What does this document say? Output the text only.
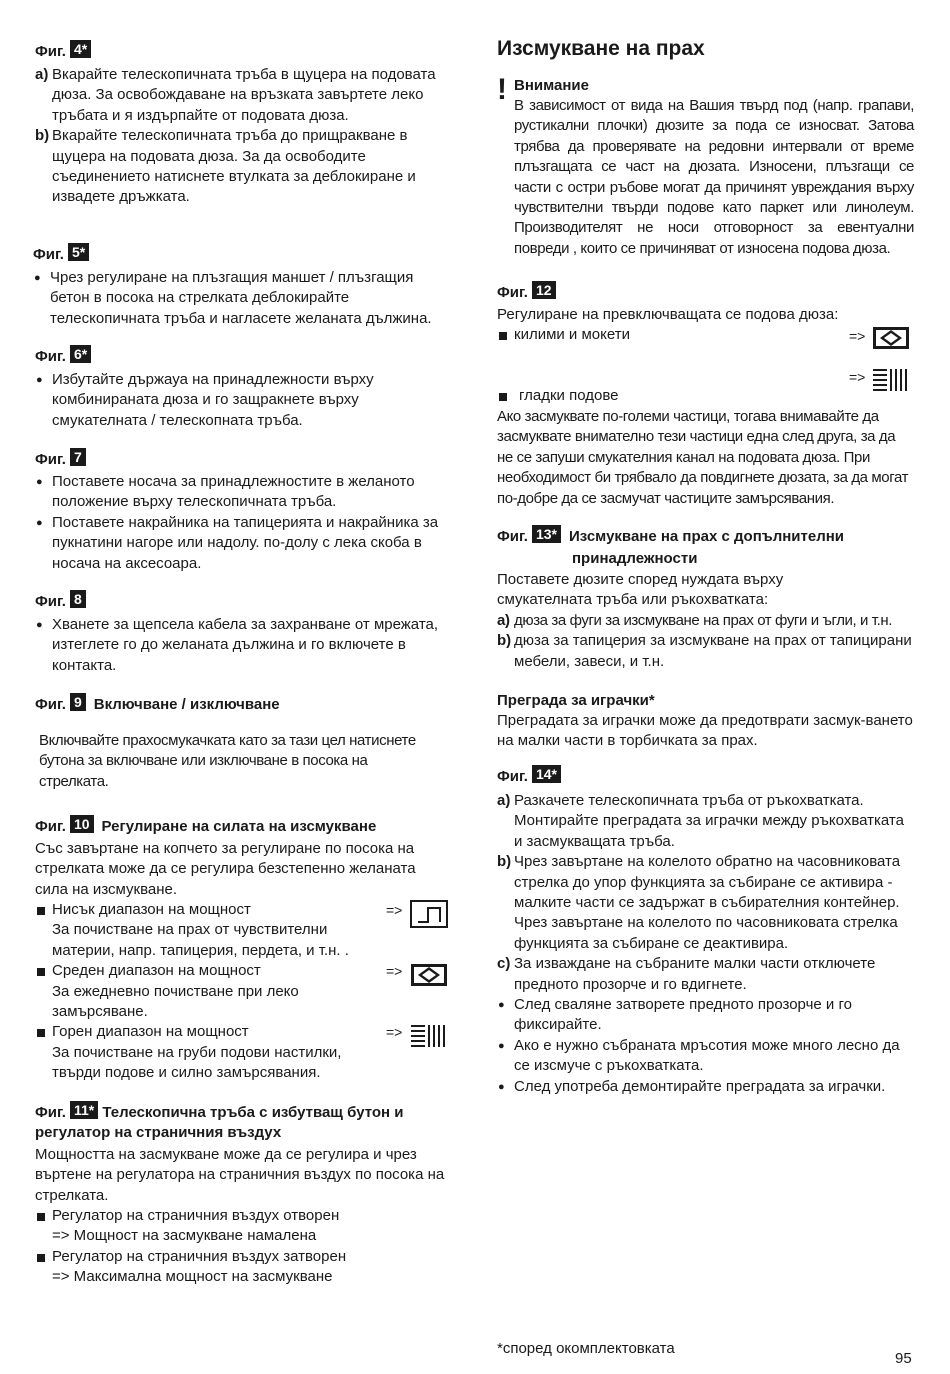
Фиг. 4*
a) Вкарайте телескопичната тръба в щуцера на подовата дюза. За освобождаване на връзката завъртете леко тръбата и я издърпайте от подовата дюза.
b) Вкарайте телескопичната тръба до прищракване в щуцера на подовата дюза. За да освободите съединението натиснете втулката за деблокиране и извадете дръжката.
Фиг. 5*
● Чрез регулиране на плъзгащия маншет / плъзгащия бетон в посока на стрелката деблокирайте телескопичната тръба и нагласете желаната дължина.
Фиг. 6*
● Избутайте държауа на принадлежности върху комбинираната дюза и го защракнете върху смукателната / телескопната тръба.
Фиг. 7
● Поставете носача за принадлежностите в желаното положение върху телескопичната тръба.
● Поставете накрайника на тапицерията и накрайника за пукнатини нагоре или надолу. по-долу с лека скоба в носача на аксесоара.
Фиг. 8
● Хванете за щепсела кабела за захранване от мрежата, изтеглете го до желаната дължина и го включете в контакта.
Фиг. 9 Включване / изключване
Включвайте прахосмукачката като за тази цел натиснете бутона за включване или изключване в посока на стрелката.
Фиг. 10 Регулиране на силата на изсмукване
Със завъртане на копчето за регулиране по посока на стрелката може да се регулира безстепенно желаната сила на изсмукване.
Нисък диапазон на мощност
За почистване на прах от чувствителни материи, напр. тапицерия, пердета, и т.н. .
Среден диапазон на мощност
За ежедневно почистване при леко замърсяване.
Горен диапазон на мощност
За почистване на груби подови настилки, твърди подове и силно замърсявания.
=>
=>
=>
Фиг. 11* Телескопична тръба с избутващ бутон и регулатор на страничния въздух
Мощността на засмукване може да се регулира и чрез въртене на регулатора на страничния въздух по посока на стрелката.
Регулатор на страничния въздух отворен
=> Мощност на засмукване намалена
Регулатор на страничния въздух затворен
=> Максимална мощност на засмукване
Изсмукване на прах
! Внимание
В зависимост от вида на Вашия твърд под (напр. грапави, рустикални плочки) дюзите за пода се износват. Затова трябва да проверявате на редовни интервали от време плъзгащата се част на дюзата. Износени, плъзгащи се части с остри ръбове могат да причинят увреждания върху чувствителни твърди подове като паркет или линолеум. Производителят не носи отговорност за евентуални повреди , които се причиняват от износена подова дюза.
Фиг. 12
Регулиране на превключващата се подова дюза:
килими и мокети	=>
гладки подове
=>
Ако засмуквате по-големи частици, тогава внимавайте да засмуквате внимателно тези частици една след друга, за да не се запуши смукателния канал на подовата дюза. При необходимост би трябвало да повдигнете дюзата, за да могат по-добре да се засмучат частиците замърсявания.
Фиг. 13* Изсмукване на прах с допълнителни
принадлежности
Поставете дюзите според нуждата върху смукателната тръба или ръкохватката:
a) дюза за фуги за изсмукване на прах от фуги и ъгли, и т.н.
b) дюза за тапицерия за изсмукване на прах от тапицирани мебели, завеси, и т.н.
Преграда за играчки*
Преградата за играчки може да предотврати засмук-ването на малки части в торбичката за прах.
Фиг. 14*
a) Разкачете телескопичната тръба от ръкохватката. Монтирайте преградата за играчки между ръкохватката и засмукващата тръба.
b) Чрез завъртане на колелото обратно на часовниковата стрелка до упор функцията за събиране се активира - малките части се задържат в събирателния контейнер.
Чрез завъртане на колелото по часовниковата стрелка функцията за събиране се деактивира.
c) За изваждане на събраните малки части отключете предното прозорче и го вдигнете.
● След сваляне затворете предното прозорче и го фиксирайте.
● Ако е нужно събраната мръсотия може много лесно да се изсмуче с ръкохватката.
● След употреба демонтирайте преградата за играчки.
*според окомплектовката
95
